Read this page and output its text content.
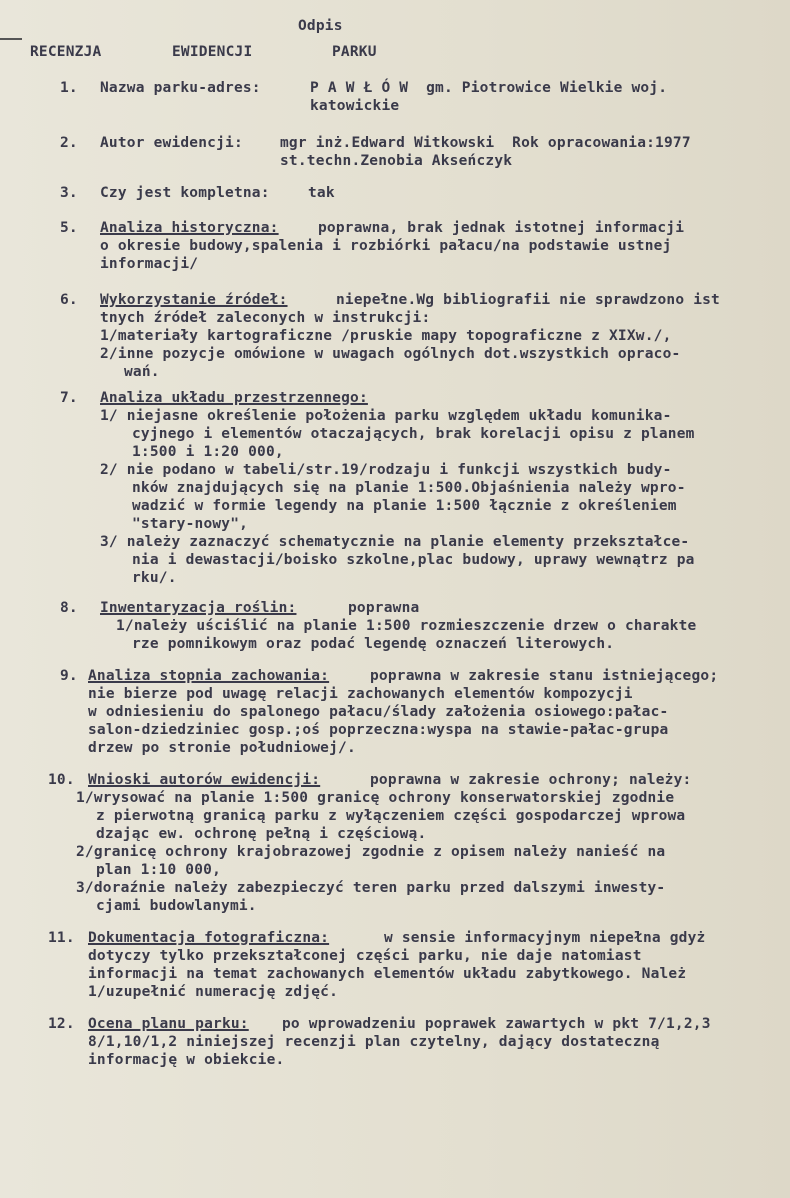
Odpis
RECENZJA	EWIDENCJI	PARKU
1. Nazwa parku-adres:	P A W Ł Ó W  gm. Piotrowice Wielkie woj.
katowickie
2. Autor ewidencji:	mgr inż.Edward Witkowski  Rok opracowania:1977
st.techn.Zenobia Akseńczyk
3. Czy jest kompletna:	tak
5. Analiza historyczna:	poprawna, brak jednak istotnej informacji
o okresie budowy,spalenia i rozbiórki pałacu/na podstawie ustnej
informacji/
6. Wykorzystanie źródeł:	niepełne.Wg bibliografii nie sprawdzono ist
tnych źródeł zaleconych w instrukcji:
1/materiały kartograficzne /pruskie mapy topograficzne z XIXw./,
2/inne pozycje omówione w uwagach ogólnych dot.wszystkich opraco-
wań.
7. Analiza układu przestrzennego:
1/ niejasne określenie położenia parku względem układu komunika-
cyjnego i elementów otaczających, brak korelacji opisu z planem
1:500 i 1:20 000,
2/ nie podano w tabeli/str.19/rodzaju i funkcji wszystkich budy-
nków znajdujących się na planie 1:500.Objaśnienia należy wpro-
wadzić w formie legendy na planie 1:500 łącznie z określeniem
"stary-nowy",
3/ należy zaznaczyć schematycznie na planie elementy przekształce-
nia i dewastacji/boisko szkolne,plac budowy, uprawy wewnątrz pa
rku/.
8. Inwentaryzacja roślin:	poprawna
1/należy uściślić na planie 1:500 rozmieszczenie drzew o charakte
rze pomnikowym oraz podać legendę oznaczeń literowych.
9. Analiza stopnia zachowania:	poprawna w zakresie stanu istniejącego;
nie bierze pod uwagę relacji zachowanych elementów kompozycji
w odniesieniu do spalonego pałacu/ślady założenia osiowego:pałac-
salon-dziedziniec gosp.;oś poprzeczna:wyspa na stawie-pałac-grupa
drzew po stronie południowej/.
10. Wnioski autorów ewidencji:	poprawna w zakresie ochrony; należy:
1/wrysować na planie 1:500 granicę ochrony konserwatorskiej zgodnie
z pierwotną granicą parku z wyłączeniem części gospodarczej wprowa
dzając ew. ochronę pełną i częściową.
2/granicę ochrony krajobrazowej zgodnie z opisem należy nanieść na
plan 1:10 000,
3/doraźnie należy zabezpieczyć teren parku przed dalszymi inwesty-
cjami budowlanymi.
11. Dokumentacja fotograficzna:	w sensie informacyjnym niepełna gdyż
dotyczy tylko przekształconej części parku, nie daje natomiast
informacji na temat zachowanych elementów układu zabytkowego. Należ
1/uzupełnić numerację zdjęć.
12. Ocena planu parku: po wprowadzeniu poprawek zawartych w pkt 7/1,2,3
8/1,10/1,2 niniejszej recenzji plan czytelny, dający dostateczną
informację w obiekcie.
